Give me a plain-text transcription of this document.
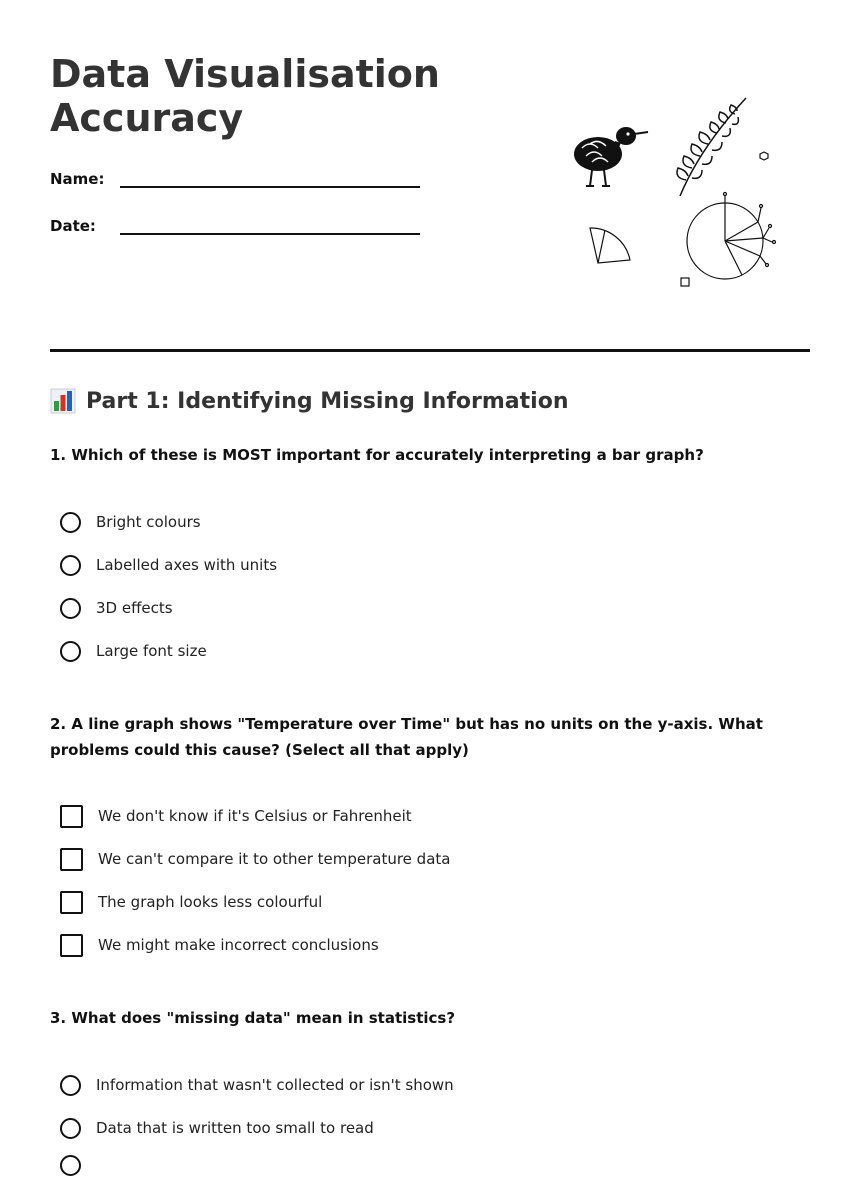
Data Visualisation Accuracy
Name:
Date:
Part 1: Identifying Missing Information

1. Which of these is MOST important for accurately interpreting a bar graph?

Bright colours
Labelled axes with units
3D effects
Large font size

2. A line graph shows "Temperature over Time" but has no units on the y-axis. What problems could this cause? (Select all that apply)

We don't know if it's Celsius or Fahrenheit
We can't compare it to other temperature data
The graph looks less colourful
We might make incorrect conclusions

3. What does "missing data" mean in statistics?

Information that wasn't collected or isn't shown
Data that is written too small to read
